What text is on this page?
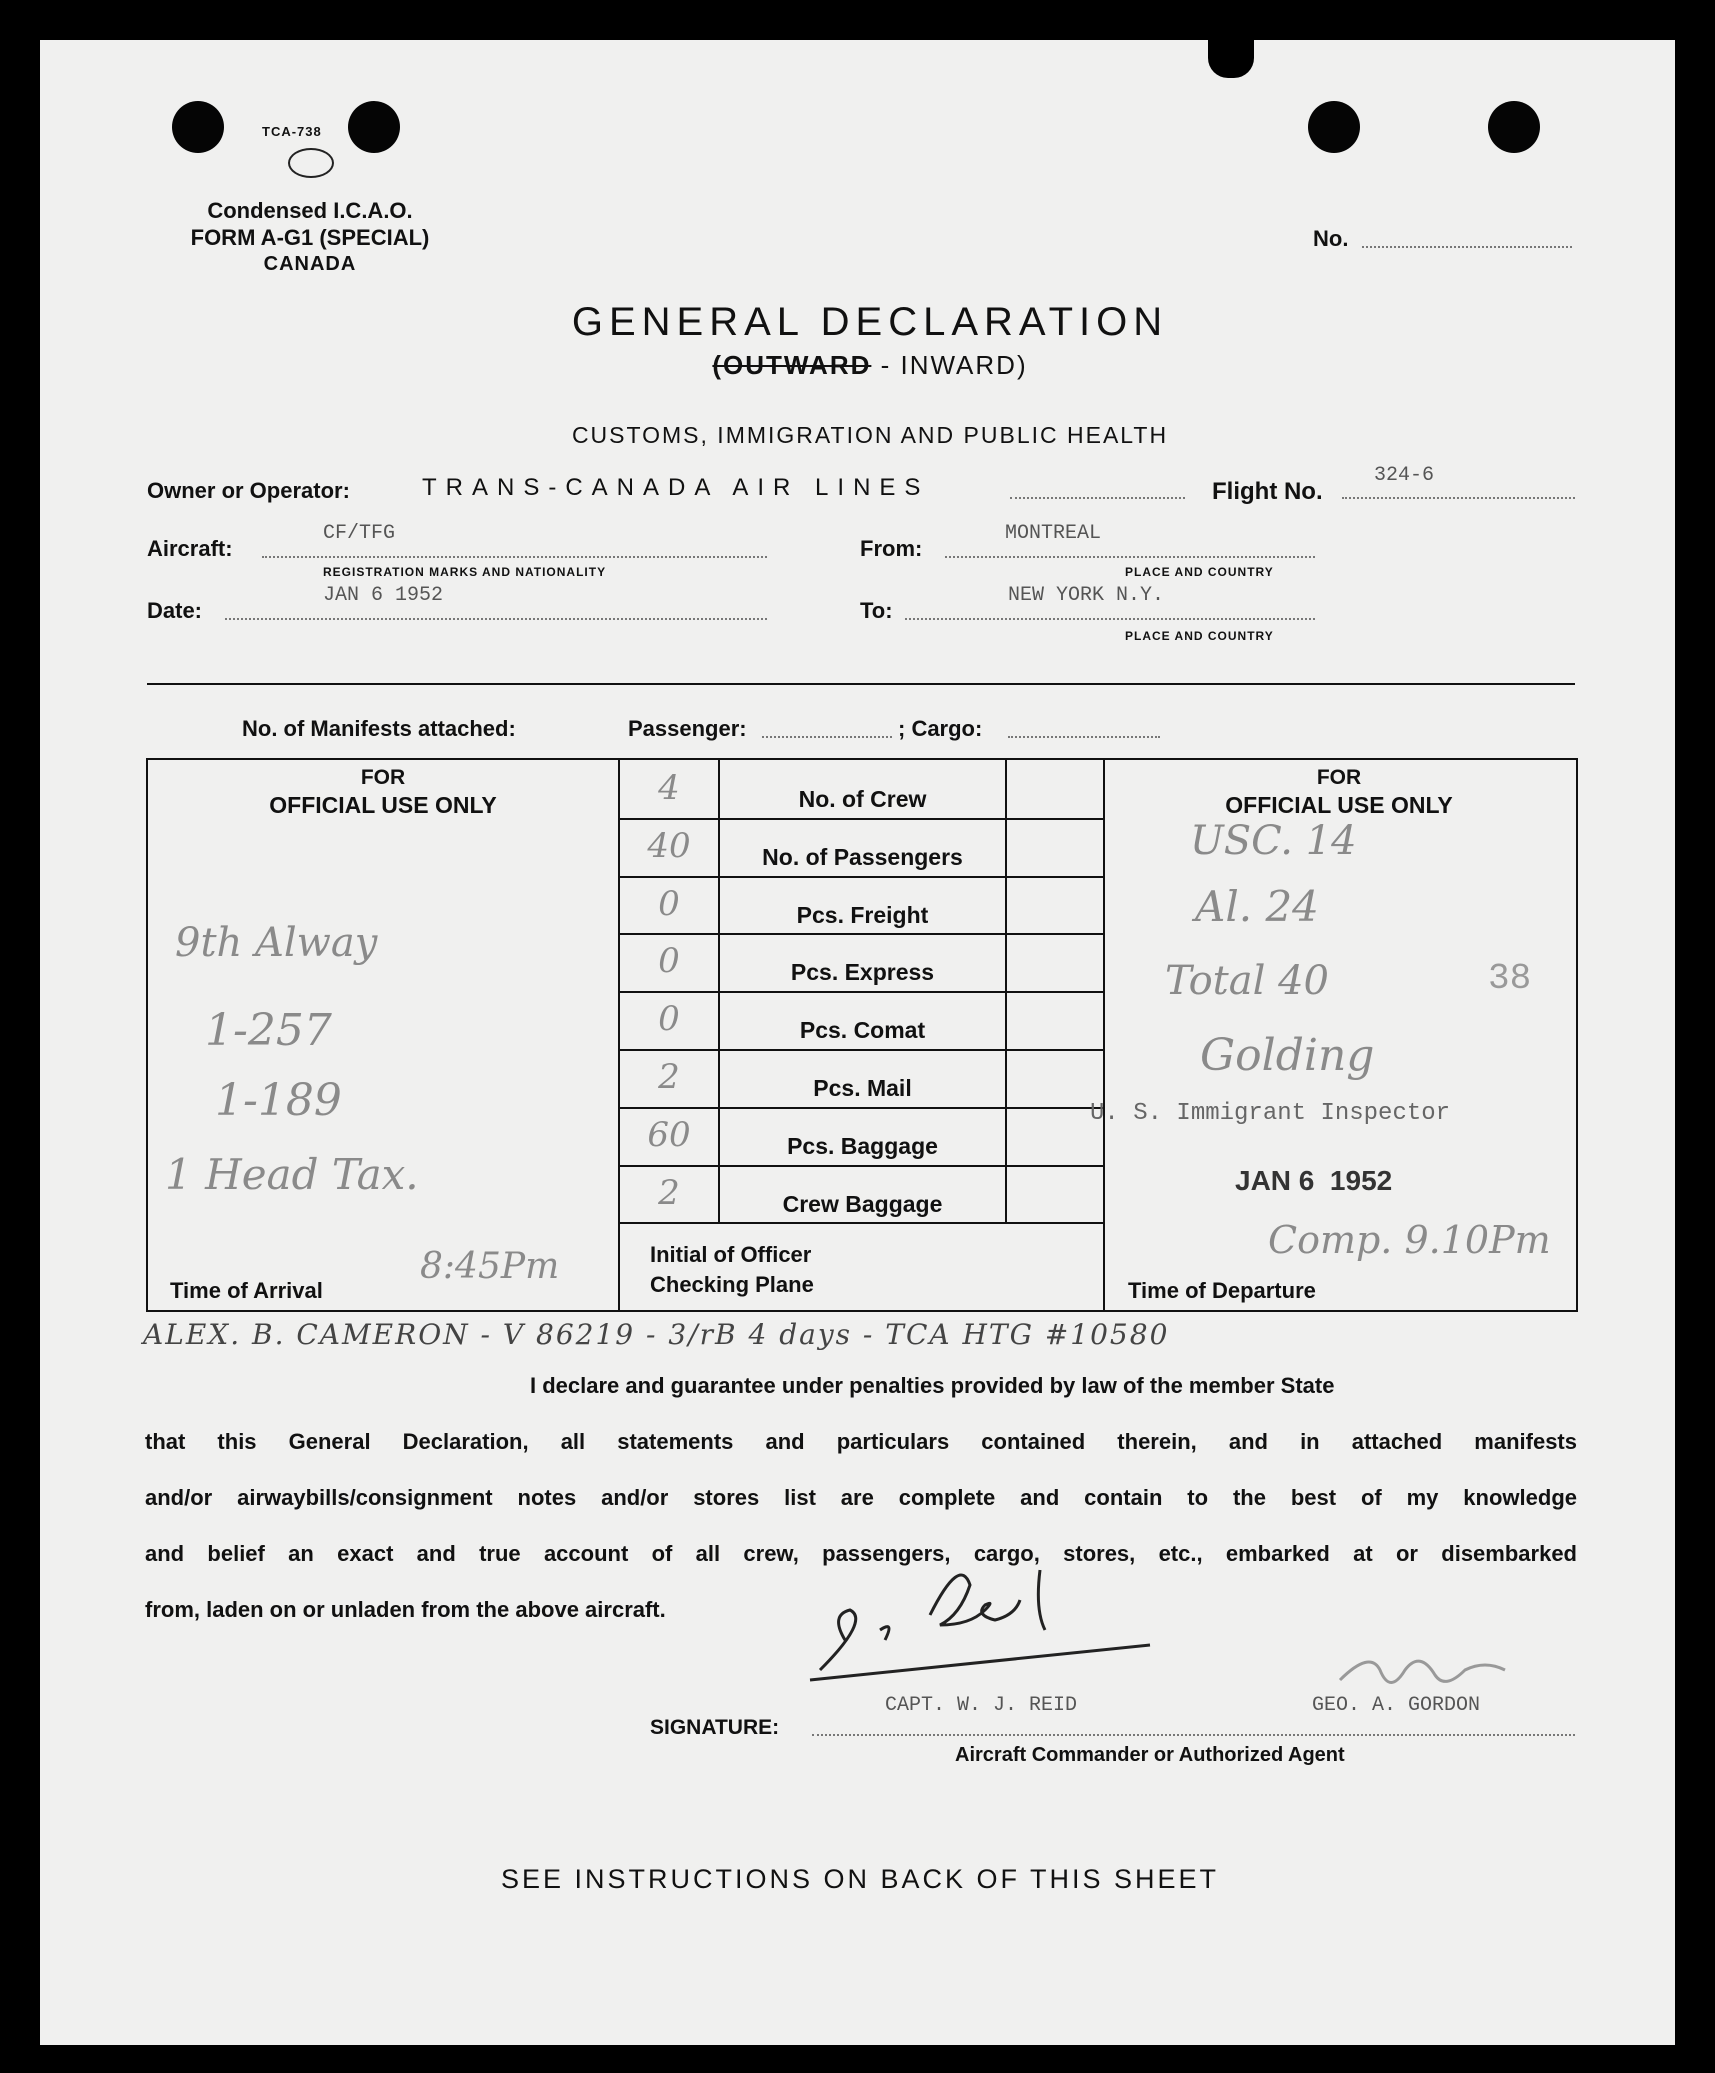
TCA-738
Condensed I.C.A.O.
FORM A-G1 (SPECIAL)
CANADA
No.
GENERAL DECLARATION
(OUTWARD - INWARD)
CUSTOMS, IMMIGRATION AND PUBLIC HEALTH
Owner or Operator:	TRANS-CANADA AIR LINES	Flight No.
324-6
Aircraft:
CF/TFG
REGISTRATION MARKS AND NATIONALITY
From:
MONTREAL
PLACE AND COUNTRY
Date:
JAN 6 1952
To:
NEW YORK N.Y.
PLACE AND COUNTRY
No. of Manifests attached:	Passenger:	; Cargo:
FOR
OFFICIAL USE ONLY
FOR
OFFICIAL USE ONLY
4	No. of Crew
40	No. of Passengers
0	Pcs. Freight
0	Pcs. Express
0	Pcs. Comat
2	Pcs. Mail
60	Pcs. Baggage
2	Crew Baggage
Initial of Officer
Checking Plane
9th Alway
1-257
1-189
1 Head Tax.
Time of Arrival
8:45Pm
USC. 14
Al. 24
Total 40	38
Golding
U. S. Immigrant Inspector
JAN 6  1952
Comp. 9.10Pm
Time of Departure
ALEX. B. CAMERON - V 86219 - 3/rB 4 days - TCA HTG #10580
I declare and guarantee under penalties provided by law of the member State
that this General Declaration, all statements and particulars contained therein, and in attached manifests
and/or airwaybills/consignment notes and/or stores list are complete and contain to the best of my knowledge
and belief an exact and true account of all crew, passengers, cargo, stores, etc., embarked at or disembarked
from, laden on or unladen from the above aircraft.
CAPT. W. J. REID	GEO. A. GORDON
SIGNATURE:
Aircraft Commander or Authorized Agent
SEE INSTRUCTIONS ON BACK OF THIS SHEET
